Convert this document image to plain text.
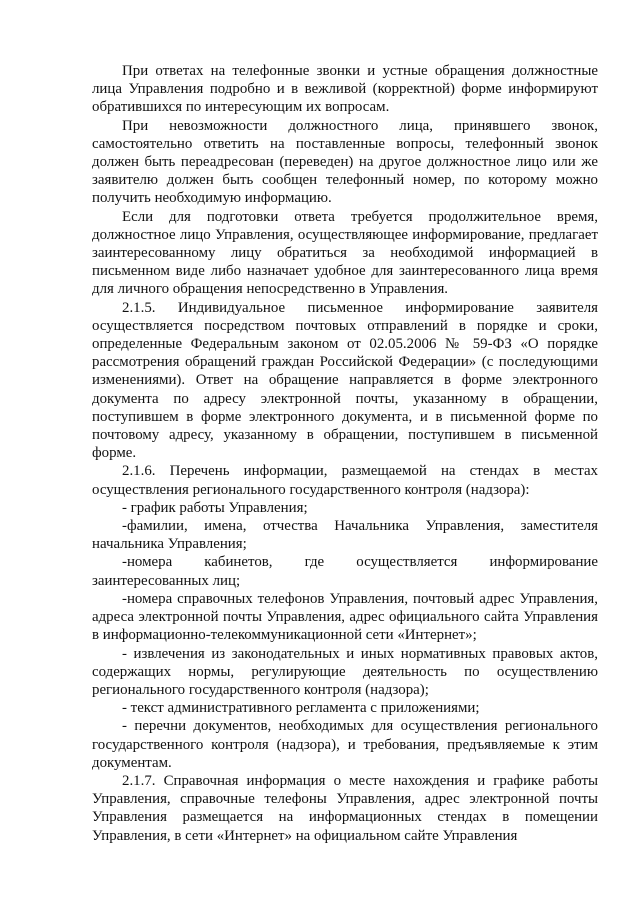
При ответах на телефонные звонки и устные обращения должностные лица Управления подробно и в вежливой (корректной) форме информируют обратившихся по интересующим их вопросам.

При невозможности должностного лица, принявшего звонок, самостоятельно ответить на поставленные вопросы, телефонный звонок должен быть переадресован (переведен) на другое должностное лицо или же заявителю должен быть сообщен телефонный номер, по которому можно получить необходимую информацию.

Если для подготовки ответа требуется продолжительное время, должностное лицо Управления, осуществляющее информирование, предлагает заинтересованному лицу обратиться за необходимой информацией в письменном виде либо назначает удобное для заинтересованного лица время для личного обращения непосредственно в Управления.

2.1.5. Индивидуальное письменное информирование заявителя осуществляется посредством почтовых отправлений в порядке и сроки, определенные Федеральным законом от 02.05.2006 № 59-ФЗ «О порядке рассмотрения обращений граждан Российской Федерации» (с последующими изменениями). Ответ на обращение направляется в форме электронного документа по адресу электронной почты, указанному в обращении, поступившем в форме электронного документа, и в письменной форме по почтовому адресу, указанному в обращении, поступившем в письменной форме.

2.1.6. Перечень информации, размещаемой на стендах в местах осуществления регионального государственного контроля (надзора):

- график работы Управления;

-фамилии, имена, отчества Начальника Управления, заместителя начальника Управления;

-номера кабинетов, где осуществляется информирование заинтересованных лиц;

-номера справочных телефонов Управления, почтовый адрес Управления, адреса электронной почты Управления, адрес официального сайта Управления в информационно-телекоммуникационной сети «Интернет»;

- извлечения из законодательных и иных нормативных правовых актов, содержащих нормы, регулирующие деятельность по осуществлению регионального государственного контроля (надзора);

- текст административного регламента с приложениями;

- перечни документов, необходимых для осуществления регионального государственного контроля (надзора), и требования, предъявляемые к этим документам.

2.1.7. Справочная информация о месте нахождения и графике работы Управления, справочные телефоны Управления, адрес электронной почты Управления размещается на информационных стендах в помещении Управления, в сети «Интернет» на официальном сайте Управления
